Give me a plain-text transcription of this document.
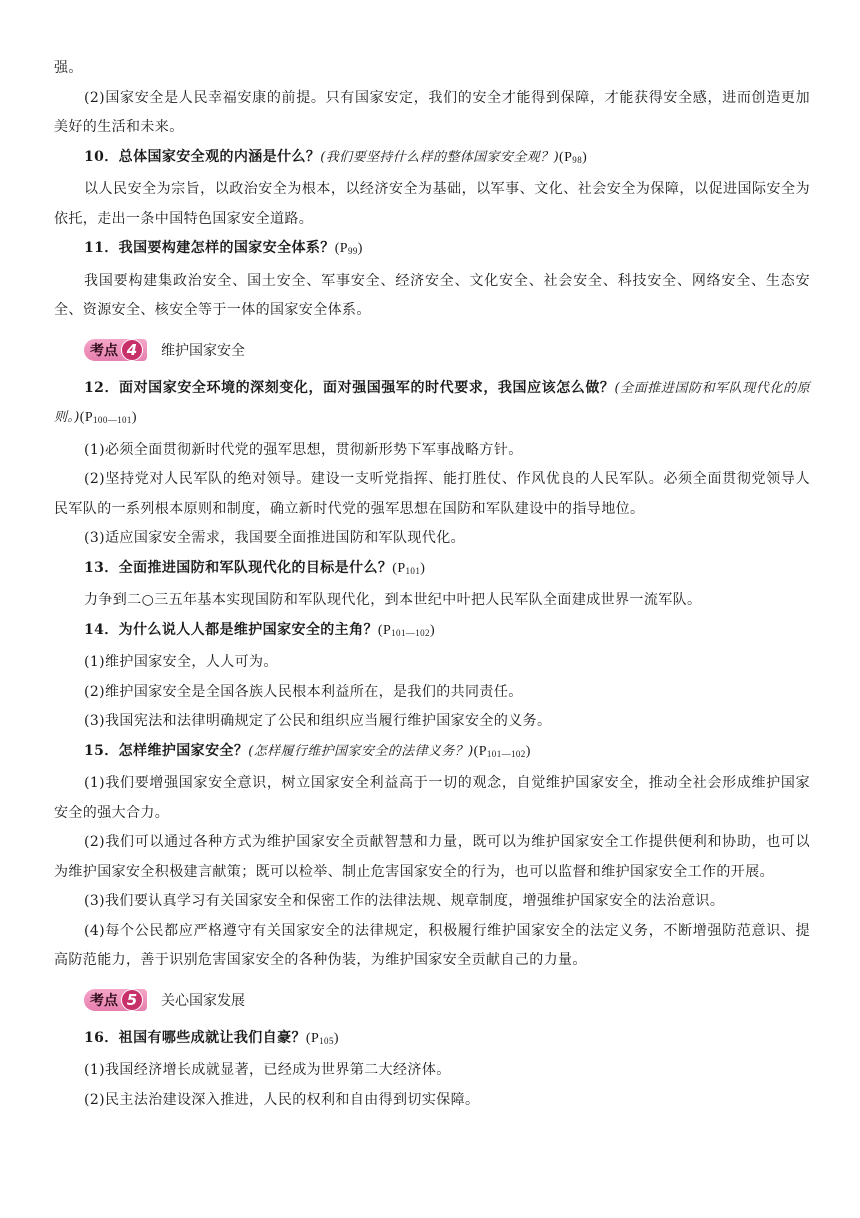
强。

(2)国家安全是人民幸福安康的前提。只有国家安定，我们的安全才能得到保障，才能获得安全感，进而创造更加美好的生活和未来。

10．总体国家安全观的内涵是什么？(我们要坚持什么样的整体国家安全观？)$(P_{98})$

以人民安全为宗旨，以政治安全为根本，以经济安全为基础，以军事、文化、社会安全为保障，以促进国际安全为依托，走出一条中国特色国家安全道路。

11．我国要构建怎样的国家安全体系？$(P_{99})$

我国要构建集政治安全、国土安全、军事安全、经济安全、文化安全、社会安全、科技安全、网络安全、生态安全、资源安全、核安全等于一体的国家安全体系。

考点 4	维护国家安全

12．面对国家安全环境的深刻变化，面对强国强军的时代要求，我国应该怎么做？(全面推进国防和军队现代化的原则。)$(P_{100—101})$

(1)必须全面贯彻新时代党的强军思想，贯彻新形势下军事战略方针。

(2)坚持党对人民军队的绝对领导。建设一支听党指挥、能打胜仗、作风优良的人民军队。必须全面贯彻党领导人民军队的一系列根本原则和制度，确立新时代党的强军思想在国防和军队建设中的指导地位。

(3)适应国家安全需求，我国要全面推进国防和军队现代化。

13．全面推进国防和军队现代化的目标是什么？$(P_{101})$

力争到二○三五年基本实现国防和军队现代化，到本世纪中叶把人民军队全面建成世界一流军队。

14．为什么说人人都是维护国家安全的主角？$(P_{101—102})$

(1)维护国家安全，人人可为。

(2)维护国家安全是全国各族人民根本利益所在，是我们的共同责任。

(3)我国宪法和法律明确规定了公民和组织应当履行维护国家安全的义务。

15．怎样维护国家安全？(怎样履行维护国家安全的法律义务？)$(P_{101—102})$

(1)我们要增强国家安全意识，树立国家安全利益高于一切的观念，自觉维护国家安全，推动全社会形成维护国家安全的强大合力。

(2)我们可以通过各种方式为维护国家安全贡献智慧和力量，既可以为维护国家安全工作提供便利和协助，也可以为维护国家安全积极建言献策；既可以检举、制止危害国家安全的行为，也可以监督和维护国家安全工作的开展。

(3)我们要认真学习有关国家安全和保密工作的法律法规、规章制度，增强维护国家安全的法治意识。

(4)每个公民都应严格遵守有关国家安全的法律规定，积极履行维护国家安全的法定义务，不断增强防范意识、提高防范能力，善于识别危害国家安全的各种伪装，为维护国家安全贡献自己的力量。

考点 5	关心国家发展

16．祖国有哪些成就让我们自豪？$(P_{105})$

(1)我国经济增长成就显著，已经成为世界第二大经济体。

(2)民主法治建设深入推进，人民的权利和自由得到切实保障。
